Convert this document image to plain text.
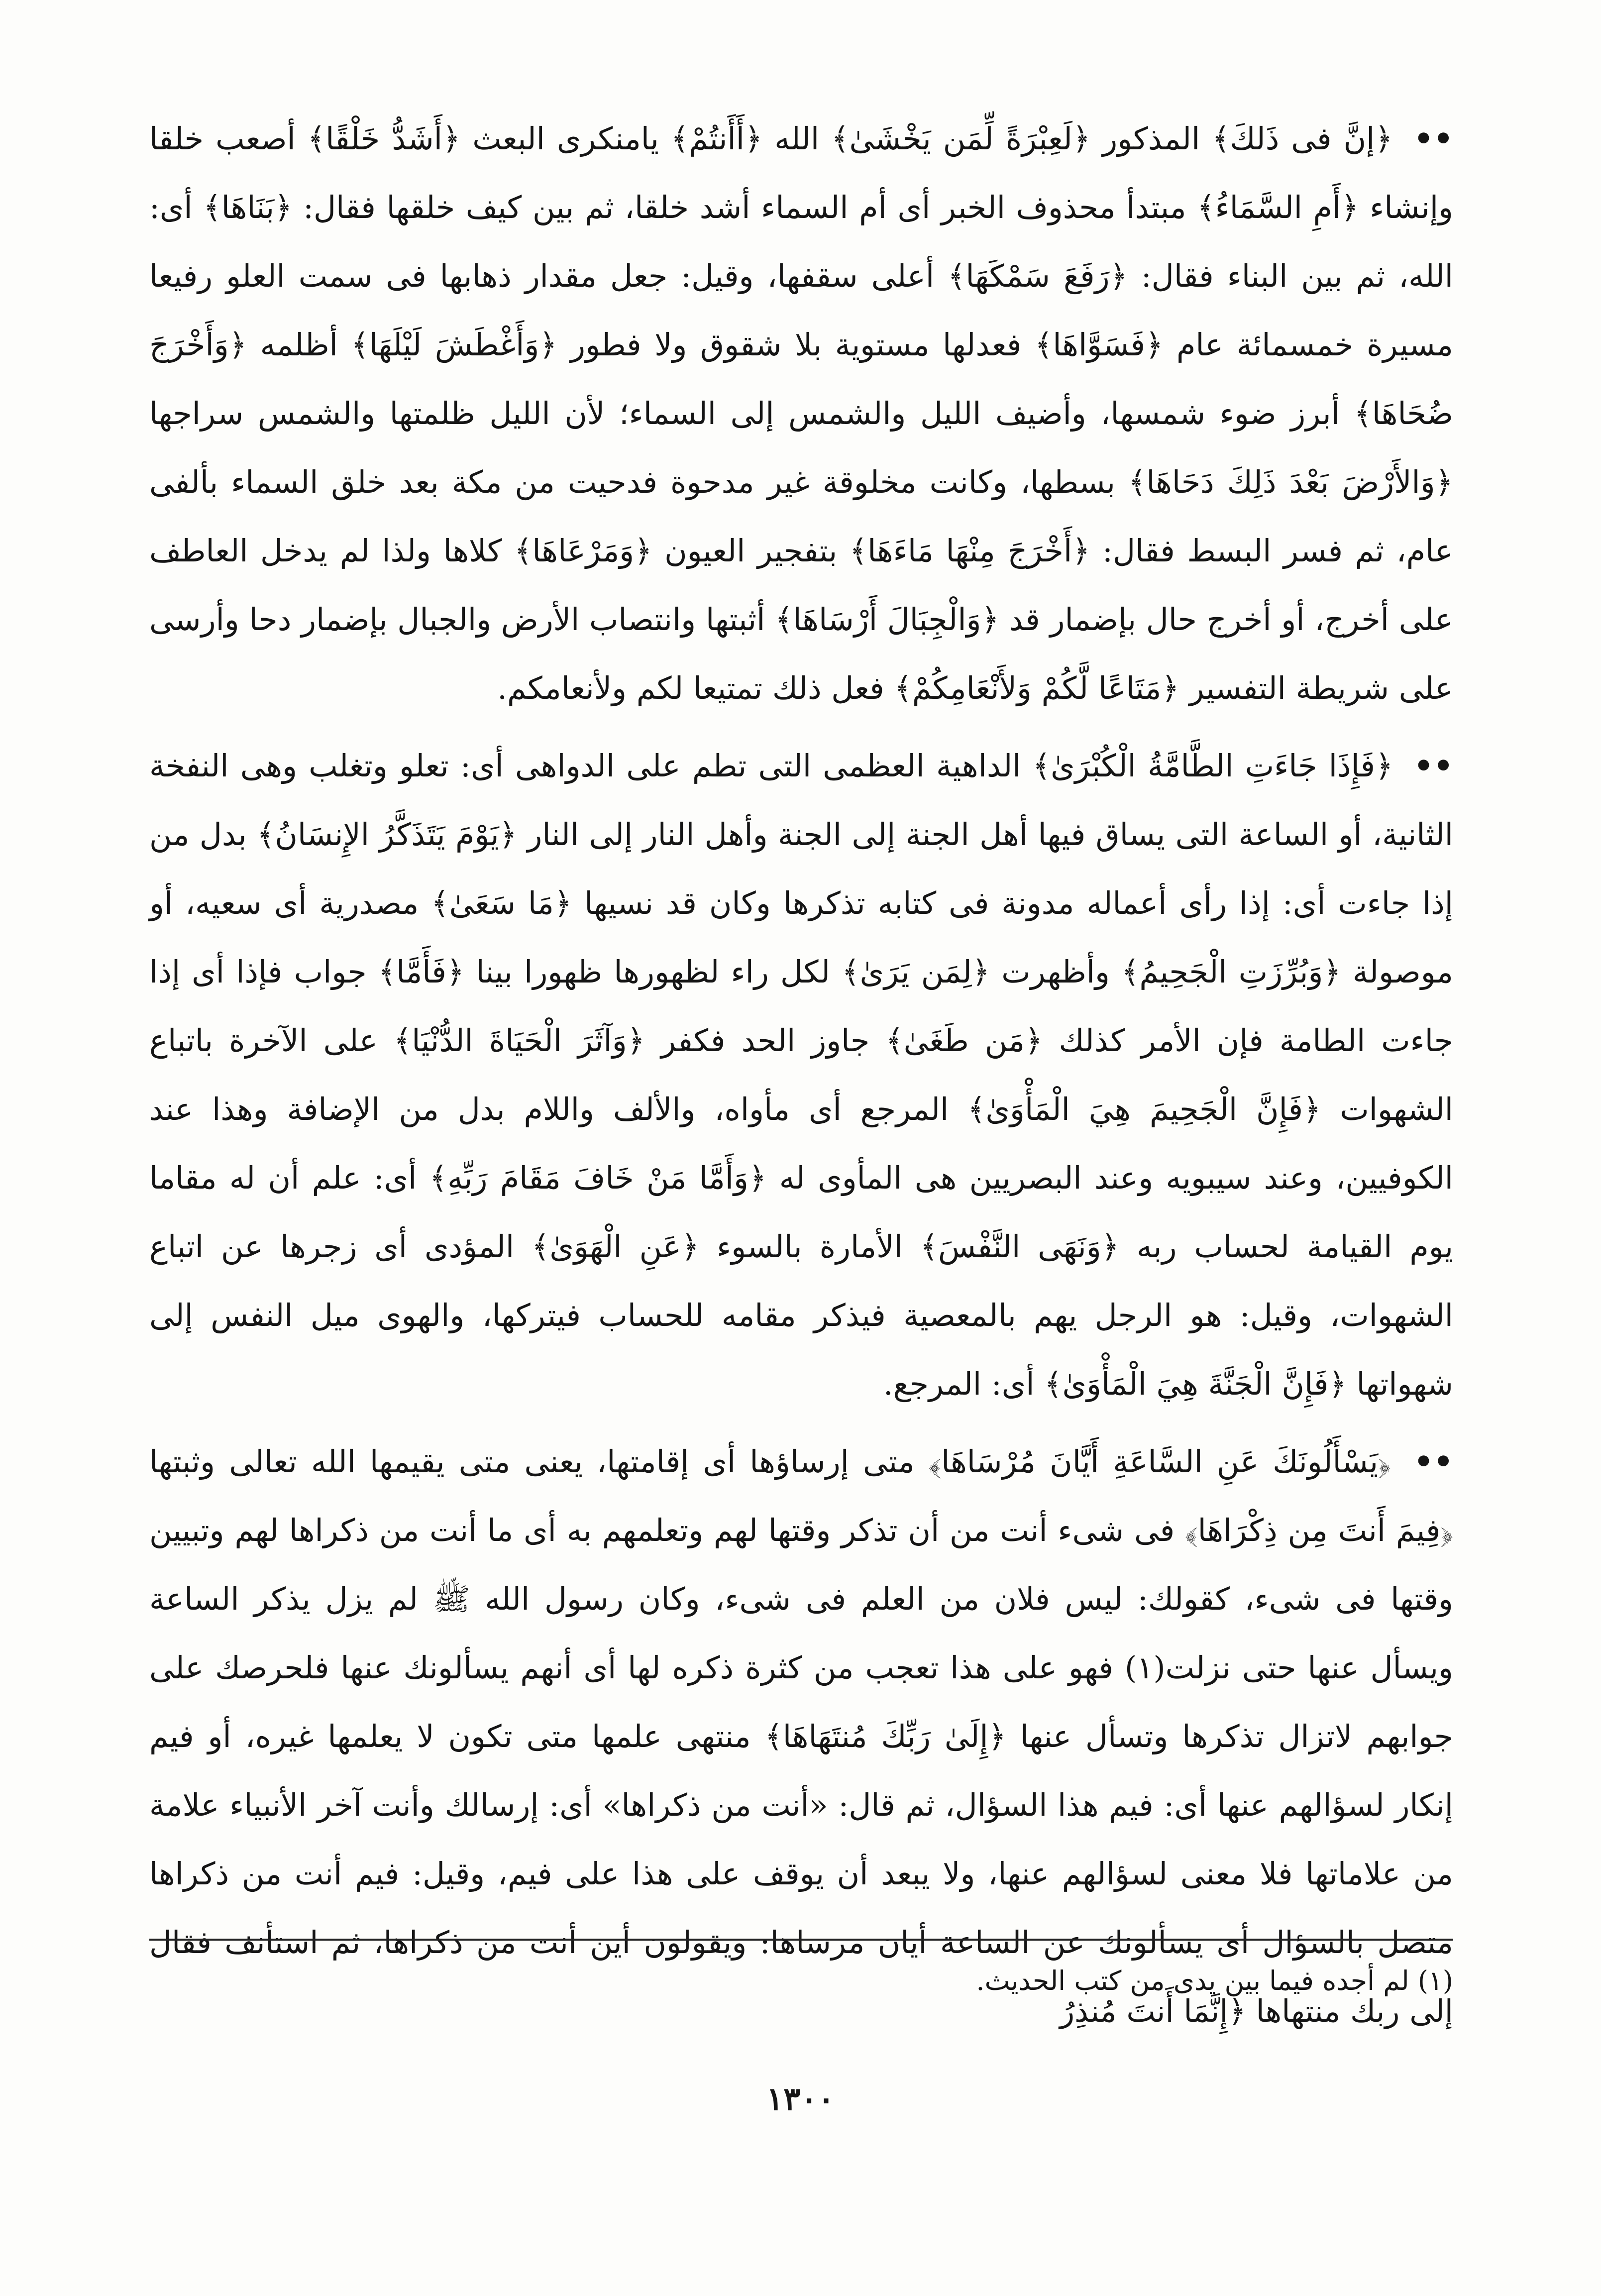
•• ﴿إنَّ فى ذَلكَ﴾ المذكور ﴿لَعِبْرَةً لِّمَن يَخْشَىٰ﴾ الله ﴿أَأَنتُمْ﴾ يامنكرى البعث ﴿أَشَدُّ خَلْقًا﴾ أصعب خلقا وإنشاء ﴿أَمِ السَّمَاءُ﴾ مبتدأ محذوف الخبر أى أم السماء أشد خلقا، ثم بين كيف خلقها فقال: ﴿بَنَاهَا﴾ أى: الله، ثم بين البناء فقال: ﴿رَفَعَ سَمْكَهَا﴾ أعلى سقفها، وقيل: جعل مقدار ذهابها فى سمت العلو رفيعا مسيرة خمسمائة عام ﴿فَسَوَّاهَا﴾ فعدلها مستوية بلا شقوق ولا فطور ﴿وَأَغْطَشَ لَيْلَهَا﴾ أظلمه ﴿وَأَخْرَجَ ضُحَاهَا﴾ أبرز ضوء شمسها، وأضيف الليل والشمس إلى السماء؛ لأن الليل ظلمتها والشمس سراجها ﴿وَالأَرْضَ بَعْدَ ذَلِكَ دَحَاهَا﴾ بسطها، وكانت مخلوقة غير مدحوة فدحيت من مكة بعد خلق السماء بألفى عام، ثم فسر البسط فقال: ﴿أَخْرَجَ مِنْهَا مَاءَهَا﴾ بتفجير العيون ﴿وَمَرْعَاهَا﴾ كلاها ولذا لم يدخل العاطف على أخرج، أو أخرج حال بإضمار قد ﴿وَالْجِبَالَ أَرْسَاهَا﴾ أثبتها وانتصاب الأرض والجبال بإضمار دحا وأرسى على شريطة التفسير ﴿مَتَاعًا لَّكُمْ وَلأَنْعَامِكُمْ﴾ فعل ذلك تمتيعا لكم ولأنعامكم.

•• ﴿فَإِذَا جَاءَتِ الطَّامَّةُ الْكُبْرَىٰ﴾ الداهية العظمى التى تطم على الدواهى أى: تعلو وتغلب وهى النفخة الثانية، أو الساعة التى يساق فيها أهل الجنة إلى الجنة وأهل النار إلى النار ﴿يَوْمَ يَتَذَكَّرُ الإِنسَانُ﴾ بدل من إذا جاءت أى: إذا رأى أعماله مدونة فى كتابه تذكرها وكان قد نسيها ﴿مَا سَعَىٰ﴾ مصدرية أى سعيه، أو موصولة ﴿وَبُرِّزَتِ الْجَحِيمُ﴾ وأظهرت ﴿لِمَن يَرَىٰ﴾ لكل راء لظهورها ظهورا بينا ﴿فَأَمَّا﴾ جواب فإذا أى إذا جاءت الطامة فإن الأمر كذلك ﴿مَن طَغَىٰ﴾ جاوز الحد فكفر ﴿وَآثَرَ الْحَيَاةَ الدُّنْيَا﴾ على الآخرة باتباع الشهوات ﴿فَإِنَّ الْجَحِيمَ هِيَ الْمَأْوَىٰ﴾ المرجع أى مأواه، والألف واللام بدل من الإضافة وهذا عند الكوفيين، وعند سيبويه وعند البصريين هى المأوى له ﴿وَأَمَّا مَنْ خَافَ مَقَامَ رَبِّهِ﴾ أى: علم أن له مقاما يوم القيامة لحساب ربه ﴿وَنَهَى النَّفْسَ﴾ الأمارة بالسوء ﴿عَنِ الْهَوَىٰ﴾ المؤدى أى زجرها عن اتباع الشهوات، وقيل: هو الرجل يهم بالمعصية فيذكر مقامه للحساب فيتركها، والهوى ميل النفس إلى شهواتها ﴿فَإِنَّ الْجَنَّةَ هِيَ الْمَأْوَىٰ﴾ أى: المرجع.

•• ﴿يَسْأَلُونَكَ عَنِ السَّاعَةِ أَيَّانَ مُرْسَاهَا﴾ متى إرساؤها أى إقامتها، يعنى متى يقيمها الله تعالى وثبتها ﴿فِيمَ أَنتَ مِن ذِكْرَاهَا﴾ فى شىء أنت من أن تذكر وقتها لهم وتعلمهم به أى ما أنت من ذكراها لهم وتبيين وقتها فى شىء، كقولك: ليس فلان من العلم فى شىء، وكان رسول الله ﷺ لم يزل يذكر الساعة ويسأل عنها حتى نزلت(١) فهو على هذا تعجب من كثرة ذكره لها أى أنهم يسألونك عنها فلحرصك على جوابهم لاتزال تذكرها وتسأل عنها ﴿إِلَىٰ رَبِّكَ مُنتَهَاهَا﴾ منتهى علمها متى تكون لا يعلمها غيره، أو فيم إنكار لسؤالهم عنها أى: فيم هذا السؤال، ثم قال: «أنت من ذكراها» أى: إرسالك وأنت آخر الأنبياء علامة من علاماتها فلا معنى لسؤالهم عنها، ولا يبعد أن يوقف على هذا على فيم، وقيل: فيم أنت من ذكراها متصل بالسؤال أى يسألونك عن الساعة أيان مرساها: ويقولون أين أنت من ذكراها، ثم استأنف فقال إلى ربك منتهاها ﴿إِنَّمَا أَنتَ مُنذِرُ

(١) لم أجده فيما بين يدى من كتب الحديث.
١٣٠٠
